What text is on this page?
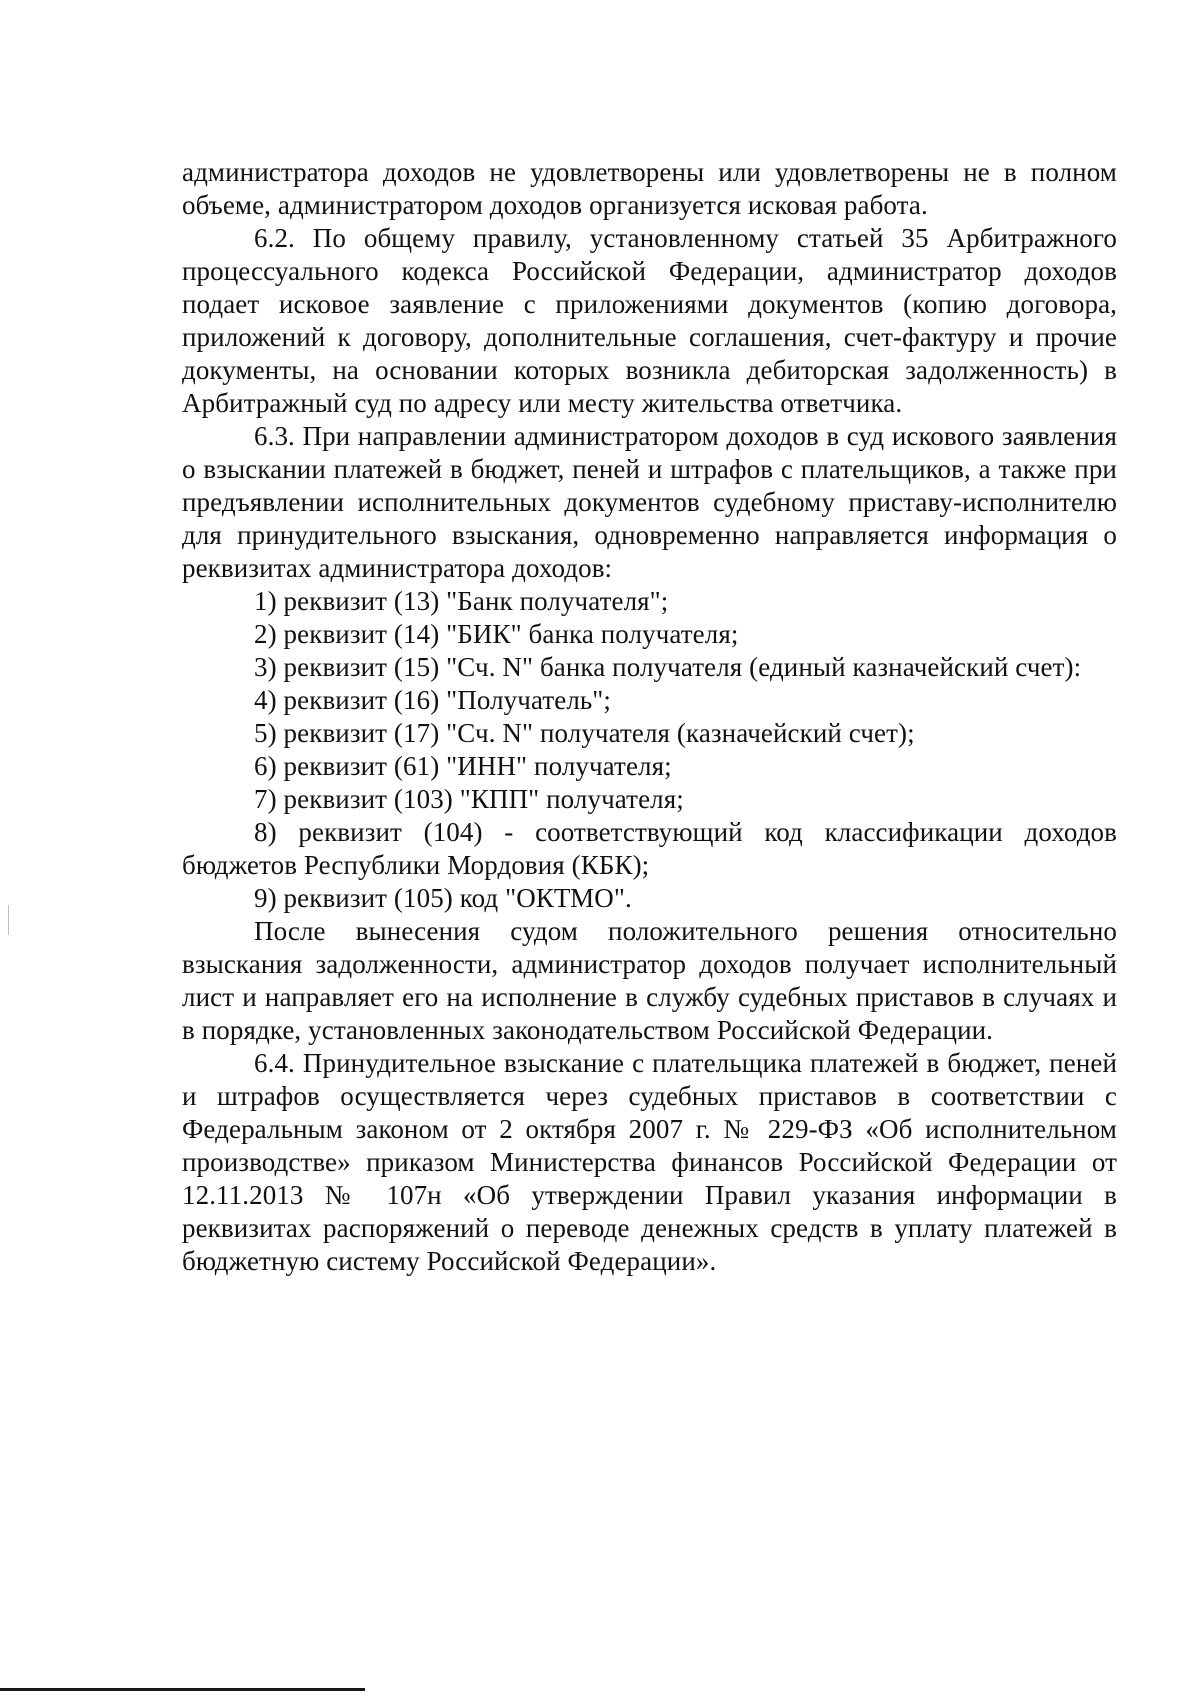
администратора доходов не удовлетворены или удовлетворены не в полном объеме, администратором доходов организуется исковая работа.

6.2. По общему правилу, установленному статьей 35 Арбитражного процессуального кодекса Российской Федерации, администратор доходов подает исковое заявление с приложениями документов (копию договора, приложений к договору, дополнительные соглашения, счет-фактуру и прочие документы, на основании которых возникла дебиторская задолженность) в Арбитражный суд по адресу или месту жительства ответчика.

6.3. При направлении администратором доходов в суд искового заявления о взыскании платежей в бюджет, пеней и штрафов с плательщиков, а также при предъявлении исполнительных документов судебному приставу-исполнителю для принудительного взыскания, одновременно направляется информация о реквизитах администратора доходов:

1) реквизит (13) "Банк получателя";

2) реквизит (14) "БИК" банка получателя;

3) реквизит (15) "Сч. N" банка получателя (единый казначейский счет):

4) реквизит (16) "Получатель";

5) реквизит (17) "Сч. N" получателя (казначейский счет);

6) реквизит (61) "ИНН" получателя;

7) реквизит (103) "КПП" получателя;

8) реквизит (104) - соответствующий код классификации доходов бюджетов Республики Мордовия (КБК);

9) реквизит (105) код "ОКТМО".

После вынесения судом положительного решения относительно взыскания задолженности, администратор доходов получает исполнительный лист и направляет его на исполнение в службу судебных приставов в случаях и в порядке, установленных законодательством Российской Федерации.

6.4. Принудительное взыскание с плательщика платежей в бюджет, пеней и штрафов осуществляется через судебных приставов в соответствии с Федеральным законом от 2 октября 2007 г. № 229-ФЗ «Об исполнительном производстве» приказом Министерства финансов Российской Федерации от 12.11.2013 № 107н «Об утверждении Правил указания информации в реквизитах распоряжений о переводе денежных средств в уплату платежей в бюджетную систему Российской Федерации».
